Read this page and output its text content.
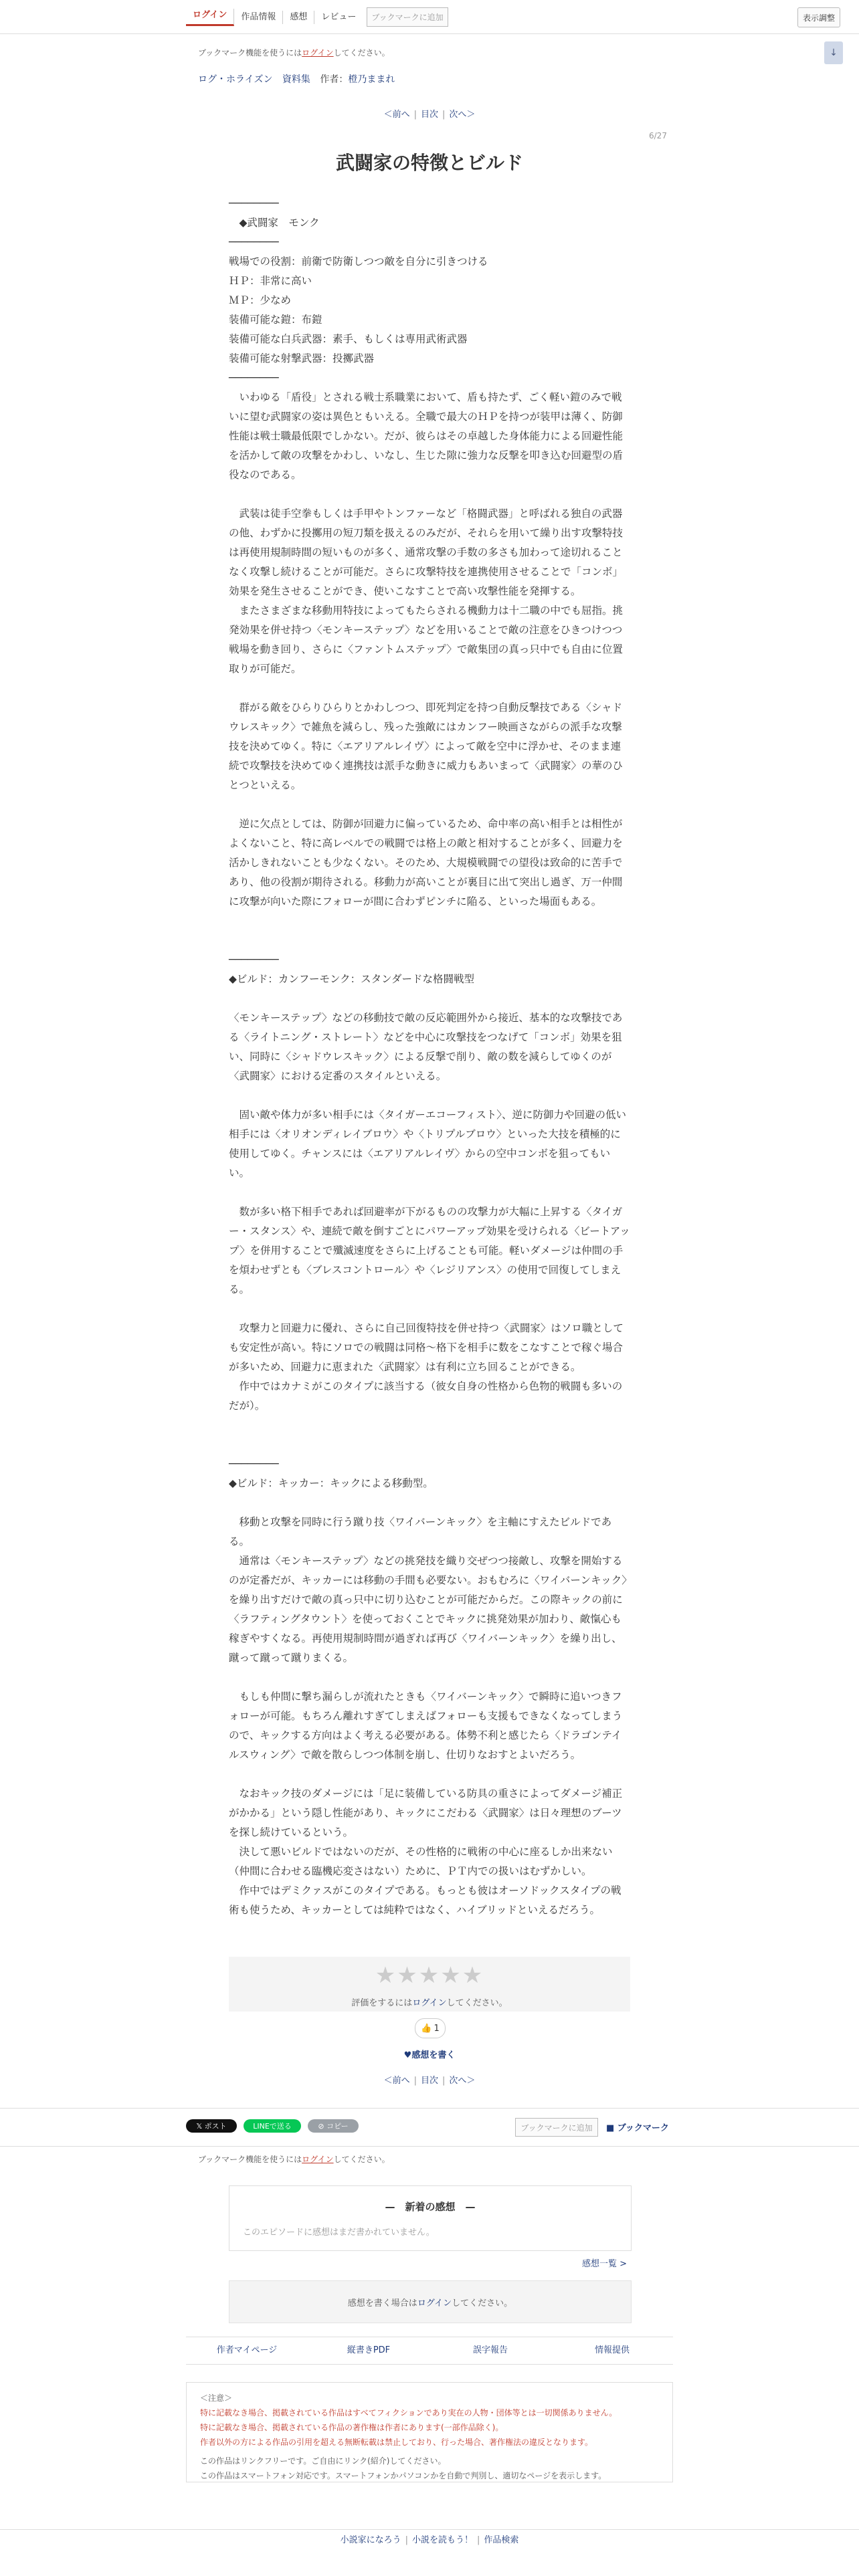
ログイン	作品情報	感想	レビュー	ブックマークに追加	表示調整
ブックマーク機能を使うにはログインしてください。	↓
ログ・ホライズン 資料集 作者：橙乃ままれ
＜前へ | 目次 | 次へ＞
6/27
武闘家の特徴とビルド

────────

　◆武闘家　モンク

────────

戦場での役割：前衛で防衛しつつ敵を自分に引きつける
ＨＰ：非常に高い
ＭＰ：少なめ
装備可能な鎧：布鎧
装備可能な白兵武器：素手、もしくは専用武術武器
装備可能な射撃武器：投擲武器

────────

　いわゆる「盾役」とされる戦士系職業において、盾も持たず、ごく軽い鎧のみで戦いに望む武闘家の姿は異色ともいえる。全職で最大のＨＰを持つが装甲は薄く、防御性能は戦士職最低限でしかない。だが、彼らはその卓越した身体能力による回避性能を活かして敵の攻撃をかわし、いなし、生じた隙に強力な反撃を叩き込む回避型の盾役なのである。

　武装は徒手空拳もしくは手甲やトンファーなど「格闘武器」と呼ばれる独自の武器の他、わずかに投擲用の短刀類を扱えるのみだが、それらを用いて繰り出す攻撃特技は再使用規制時間の短いものが多く、通常攻撃の手数の多さも加わって途切れることなく攻撃し続けることが可能だ。さらに攻撃特技を連携使用させることで「コンボ」効果を発生させることができ、使いこなすことで高い攻撃性能を発揮する。
　またさまざまな移動用特技によってもたらされる機動力は十二職の中でも屈指。挑発効果を併せ持つ〈モンキーステップ〉などを用いることで敵の注意をひきつけつつ戦場を動き回り、さらに〈ファントムステップ〉で敵集団の真っ只中でも自由に位置取りが可能だ。

　群がる敵をひらりひらりとかわしつつ、即死判定を持つ自動反撃技である〈シャドウレスキック〉で雑魚を減らし、残った強敵にはカンフー映画さながらの派手な攻撃技を決めてゆく。特に〈エアリアルレイヴ〉によって敵を空中に浮かせ、そのまま連続で攻撃技を決めてゆく連携技は派手な動きに威力もあいまって〈武闘家〉の華のひとつといえる。

　逆に欠点としては、防御が回避力に偏っているため、命中率の高い相手とは相性がよくないこと、特に高レベルでの戦闘では格上の敵と相対することが多く、回避力を活かしきれないことも少なくない。そのため、大規模戦闘での望役は致命的に苦手であり、他の役割が期待される。移動力が高いことが裏目に出て突出し過ぎ、万一仲間に攻撃が向いた際にフォローが間に合わずピンチに陥る、といった場面もある。

────────

◆ビルド：カンフーモンク：スタンダードな格闘戦型

〈モンキーステップ〉などの移動技で敵の反応範囲外から接近、基本的な攻撃技である〈ライトニング・ストレート〉などを中心に攻撃技をつなげて「コンボ」効果を狙い、同時に〈シャドウレスキック〉による反撃で削り、敵の数を減らしてゆくのが〈武闘家〉における定番のスタイルといえる。

　固い敵や体力が多い相手には〈タイガーエコーフィスト〉、逆に防御力や回避の低い相手には〈オリオンディレイブロウ〉や〈トリプルブロウ〉といった大技を積極的に使用してゆく。チャンスには〈エアリアルレイヴ〉からの空中コンボを狙ってもいい。

　数が多い格下相手であれば回避率が下がるものの攻撃力が大幅に上昇する〈タイガー・スタンス〉や、連続で敵を倒すごとにパワーアップ効果を受けられる〈ビートアップ〉を併用することで殲滅速度をさらに上げることも可能。軽いダメージは仲間の手を煩わせずとも〈ブレスコントロール〉や〈レジリアンス〉の使用で回復してしまえる。

　攻撃力と回避力に優れ、さらに自己回復特技を併せ持つ〈武闘家〉はソロ職としても安定性が高い。特にソロでの戦闘は同格～格下を相手に数をこなすことで稼ぐ場合が多いため、回避力に恵まれた〈武闘家〉は有利に立ち回ることができる。
　作中ではカナミがこのタイプに該当する（彼女自身の性格から色物的戦闘も多いのだが）。

────────

◆ビルド：キッカー：キックによる移動型。

　移動と攻撃を同時に行う蹴り技〈ワイバーンキック〉を主軸にすえたビルドである。
　通常は〈モンキーステップ〉などの挑発技を織り交ぜつつ接敵し、攻撃を開始するのが定番だが、キッカーには移動の手間も必要ない。おもむろに〈ワイバーンキック〉を繰り出すだけで敵の真っ只中に切り込むことが可能だからだ。この際キックの前に〈ラフティングタウント〉を使っておくことでキックに挑発効果が加わり、敵愾心も稼ぎやすくなる。再使用規制時間が過ぎれば再び〈ワイバーンキック〉を繰り出し、蹴って蹴って蹴りまくる。

　もしも仲間に撃ち漏らしが流れたときも〈ワイバーンキック〉で瞬時に追いつきフォローが可能。もちろん離れすぎてしまえばフォローも支援もできなくなってしまうので、キックする方向はよく考える必要がある。体勢不利と感じたら〈ドラゴンテイルスウィング〉で敵を散らしつつ体制を崩し、仕切りなおすとよいだろう。

　なおキック技のダメージには「足に装備している防具の重さによってダメージ補正がかかる」という隠し性能があり、キックにこだわる〈武闘家〉は日々理想のブーツを探し続けているという。
　決して悪いビルドではないのだが、その性格的に戦術の中心に座るしか出来ない（仲間に合わせる臨機応変さはない）ために、ＰＴ内での扱いはむずかしい。
　作中ではデミクァスがこのタイプである。もっとも彼はオーソドックスタイプの戦術も使うため、キッカーとしては純粋ではなく、ハイブリッドといえるだろう。

★★★★★
評価をするにはログインしてください。
👍 1
♥感想を書く
＜前へ | 目次 | 次へ＞
𝕏 ポスト	LINEで送る	⊘ コピー	ブックマークに追加	■ ブックマーク
ブックマーク機能を使うにはログインしてください。
—　新着の感想　—
このエピソードに感想はまだ書かれていません。
感想一覧 >
感想を書く場合はログインしてください。
作者マイページ	縦書きPDF	誤字報告	情報提供
＜注意＞
特に記載なき場合、掲載されている作品はすべてフィクションであり実在の人物・団体等とは一切関係ありません。
特に記載なき場合、掲載されている作品の著作権は作者にあります(一部作品除く)。
作者以外の方による作品の引用を超える無断転載は禁止しており、行った場合、著作権法の違反となります。
この作品はリンクフリーです。ご自由にリンク(紹介)してください。
この作品はスマートフォン対応です。スマートフォンかパソコンかを自動で判別し、適切なページを表示します。
小説家になろう | 小説を読もう！ | 作品検索
